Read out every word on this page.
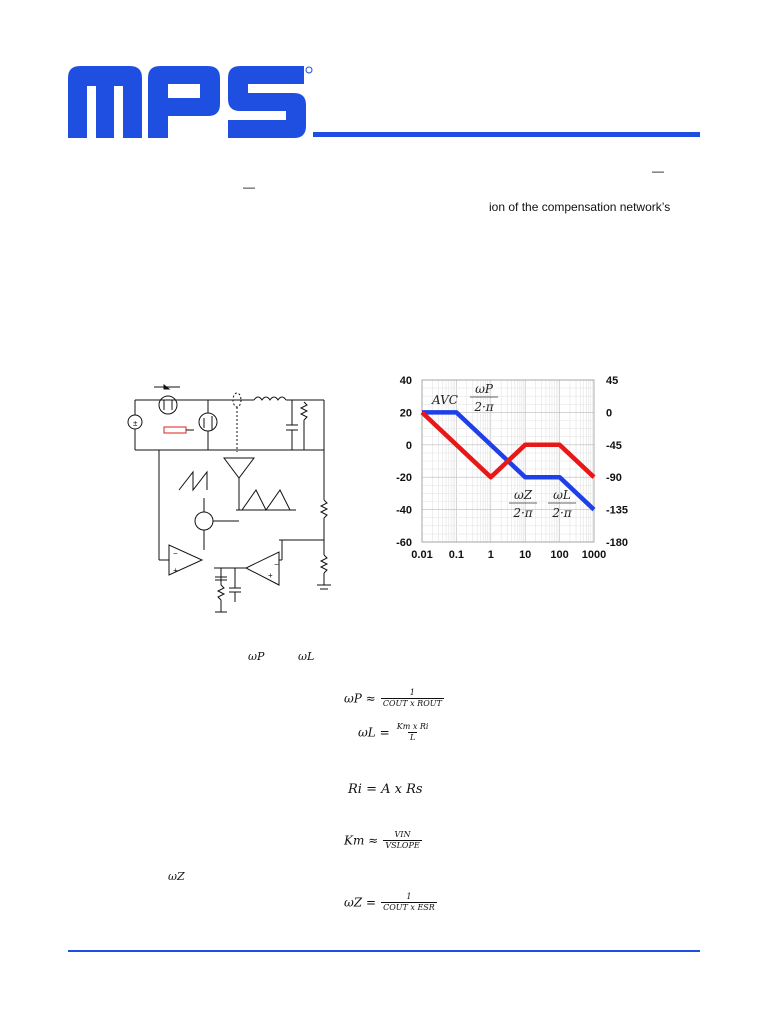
—
—
ion of the compensation network’s
±
−
+
−
+
0.01 0.1 1 10 100 1000
40
20
0
-20
-40
-60
45
0
-45
-90
-135
-180
AVC
ωP
2·π
ωZ
2·π
ωL
2·π
ωP	ωL
ωZ
$\omega P \approx \frac{1}{\text{COUT x ROUT}}$
$\omega L = \frac{\text{Km x Ri}}{L}$
Ri = A x Rs
$Km \approx \frac{\text{VIN}}{\text{VSLOPE}}$
$\omega Z = \frac{1}{\text{COUT x ESR}}$
